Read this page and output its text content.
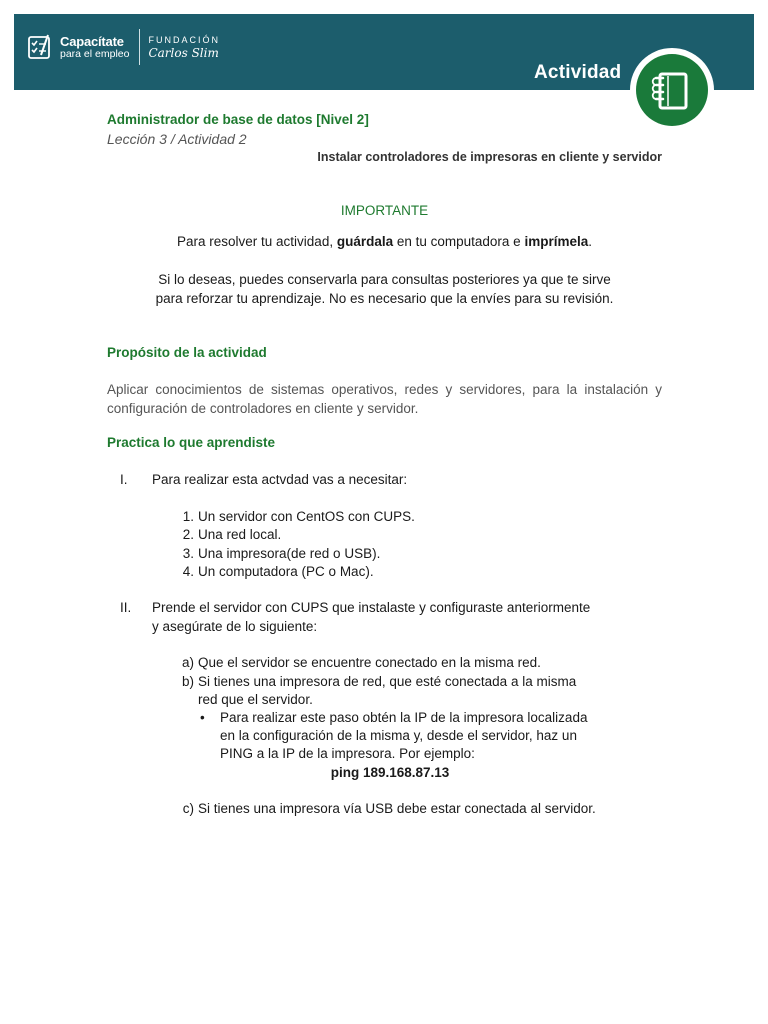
Capacítate
para el empleo
FUNDACIÓN
Carlos Slim
Actividad
Administrador de base de datos [Nivel 2]
Lección 3 / Actividad 2
Instalar controladores de impresoras en cliente y servidor
IMPORTANTE
Para resolver tu actividad, guárdala en tu computadora e imprímela.
Si lo deseas, puedes conservarla para consultas posteriores ya que te sirve
para reforzar tu aprendizaje. No es necesario que la envíes para su revisión.
Propósito de la actividad
Aplicar conocimientos de sistemas operativos, redes y servidores, para la instalación y configuración de controladores en cliente y servidor.
Practica lo que aprendiste
I. Para realizar esta actvdad vas a necesitar:
1. Un servidor con CentOS con CUPS.
2. Una red local.
3. Una impresora(de red o USB).
4. Un computadora (PC o Mac).
II. Prende el servidor con CUPS que instalaste y configuraste anteriormente
y asegúrate de lo siguiente:
a) Que el servidor se encuentre conectado en la misma red.
b) Si tienes una impresora de red, que esté conectada a la misma
red que el servidor.
• Para realizar este paso obtén la IP de la impresora localizada
en la configuración de la misma y, desde el servidor, haz un
PING a la IP de la impresora. Por ejemplo:
ping 189.168.87.13
c) Si tienes una impresora vía USB debe estar conectada al servidor.
